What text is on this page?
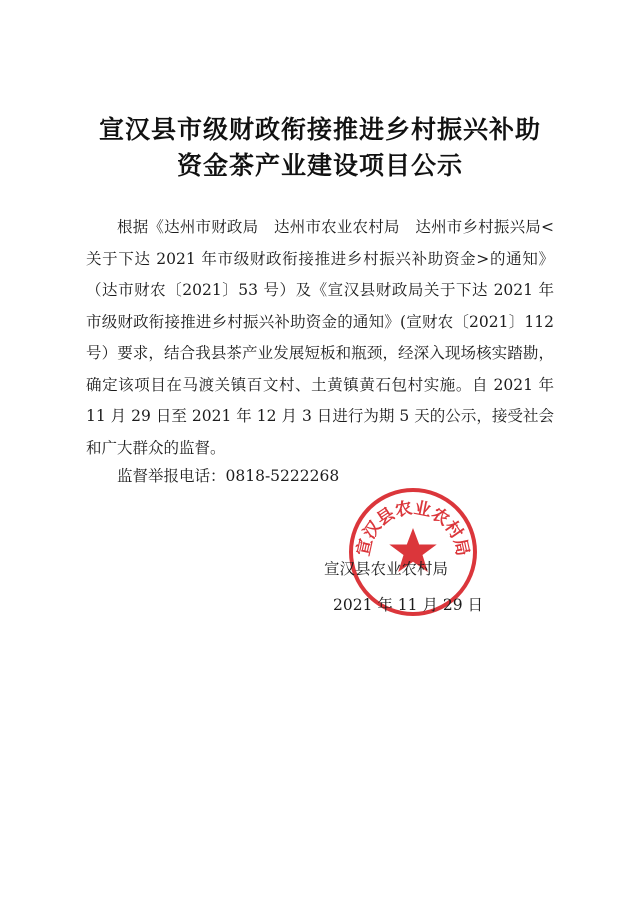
宣汉县市级财政衔接推进乡村振兴补助
资金茶产业建设项目公示

根据《达州市财政局　达州市农业农村局　达州市乡村振兴局<关于下达 2021 年市级财政衔接推进乡村振兴补助资金>的通知》（达市财农〔2021〕53 号）及《宣汉县财政局关于下达 2021 年市级财政衔接推进乡村振兴补助资金的通知》(宣财农〔2021〕112 号）要求，结合我县茶产业发展短板和瓶颈，经深入现场核实踏勘，确定该项目在马渡关镇百文村、土黄镇黄石包村实施。自 2021 年 11 月 29 日至 2021 年 12 月 3 日进行为期 5 天的公示，接受社会和广大群众的监督。

监督举报电话：0818-5222268
宣汉县农业农村局
宣汉县农业农村局
2021 年 11 月 29 日
